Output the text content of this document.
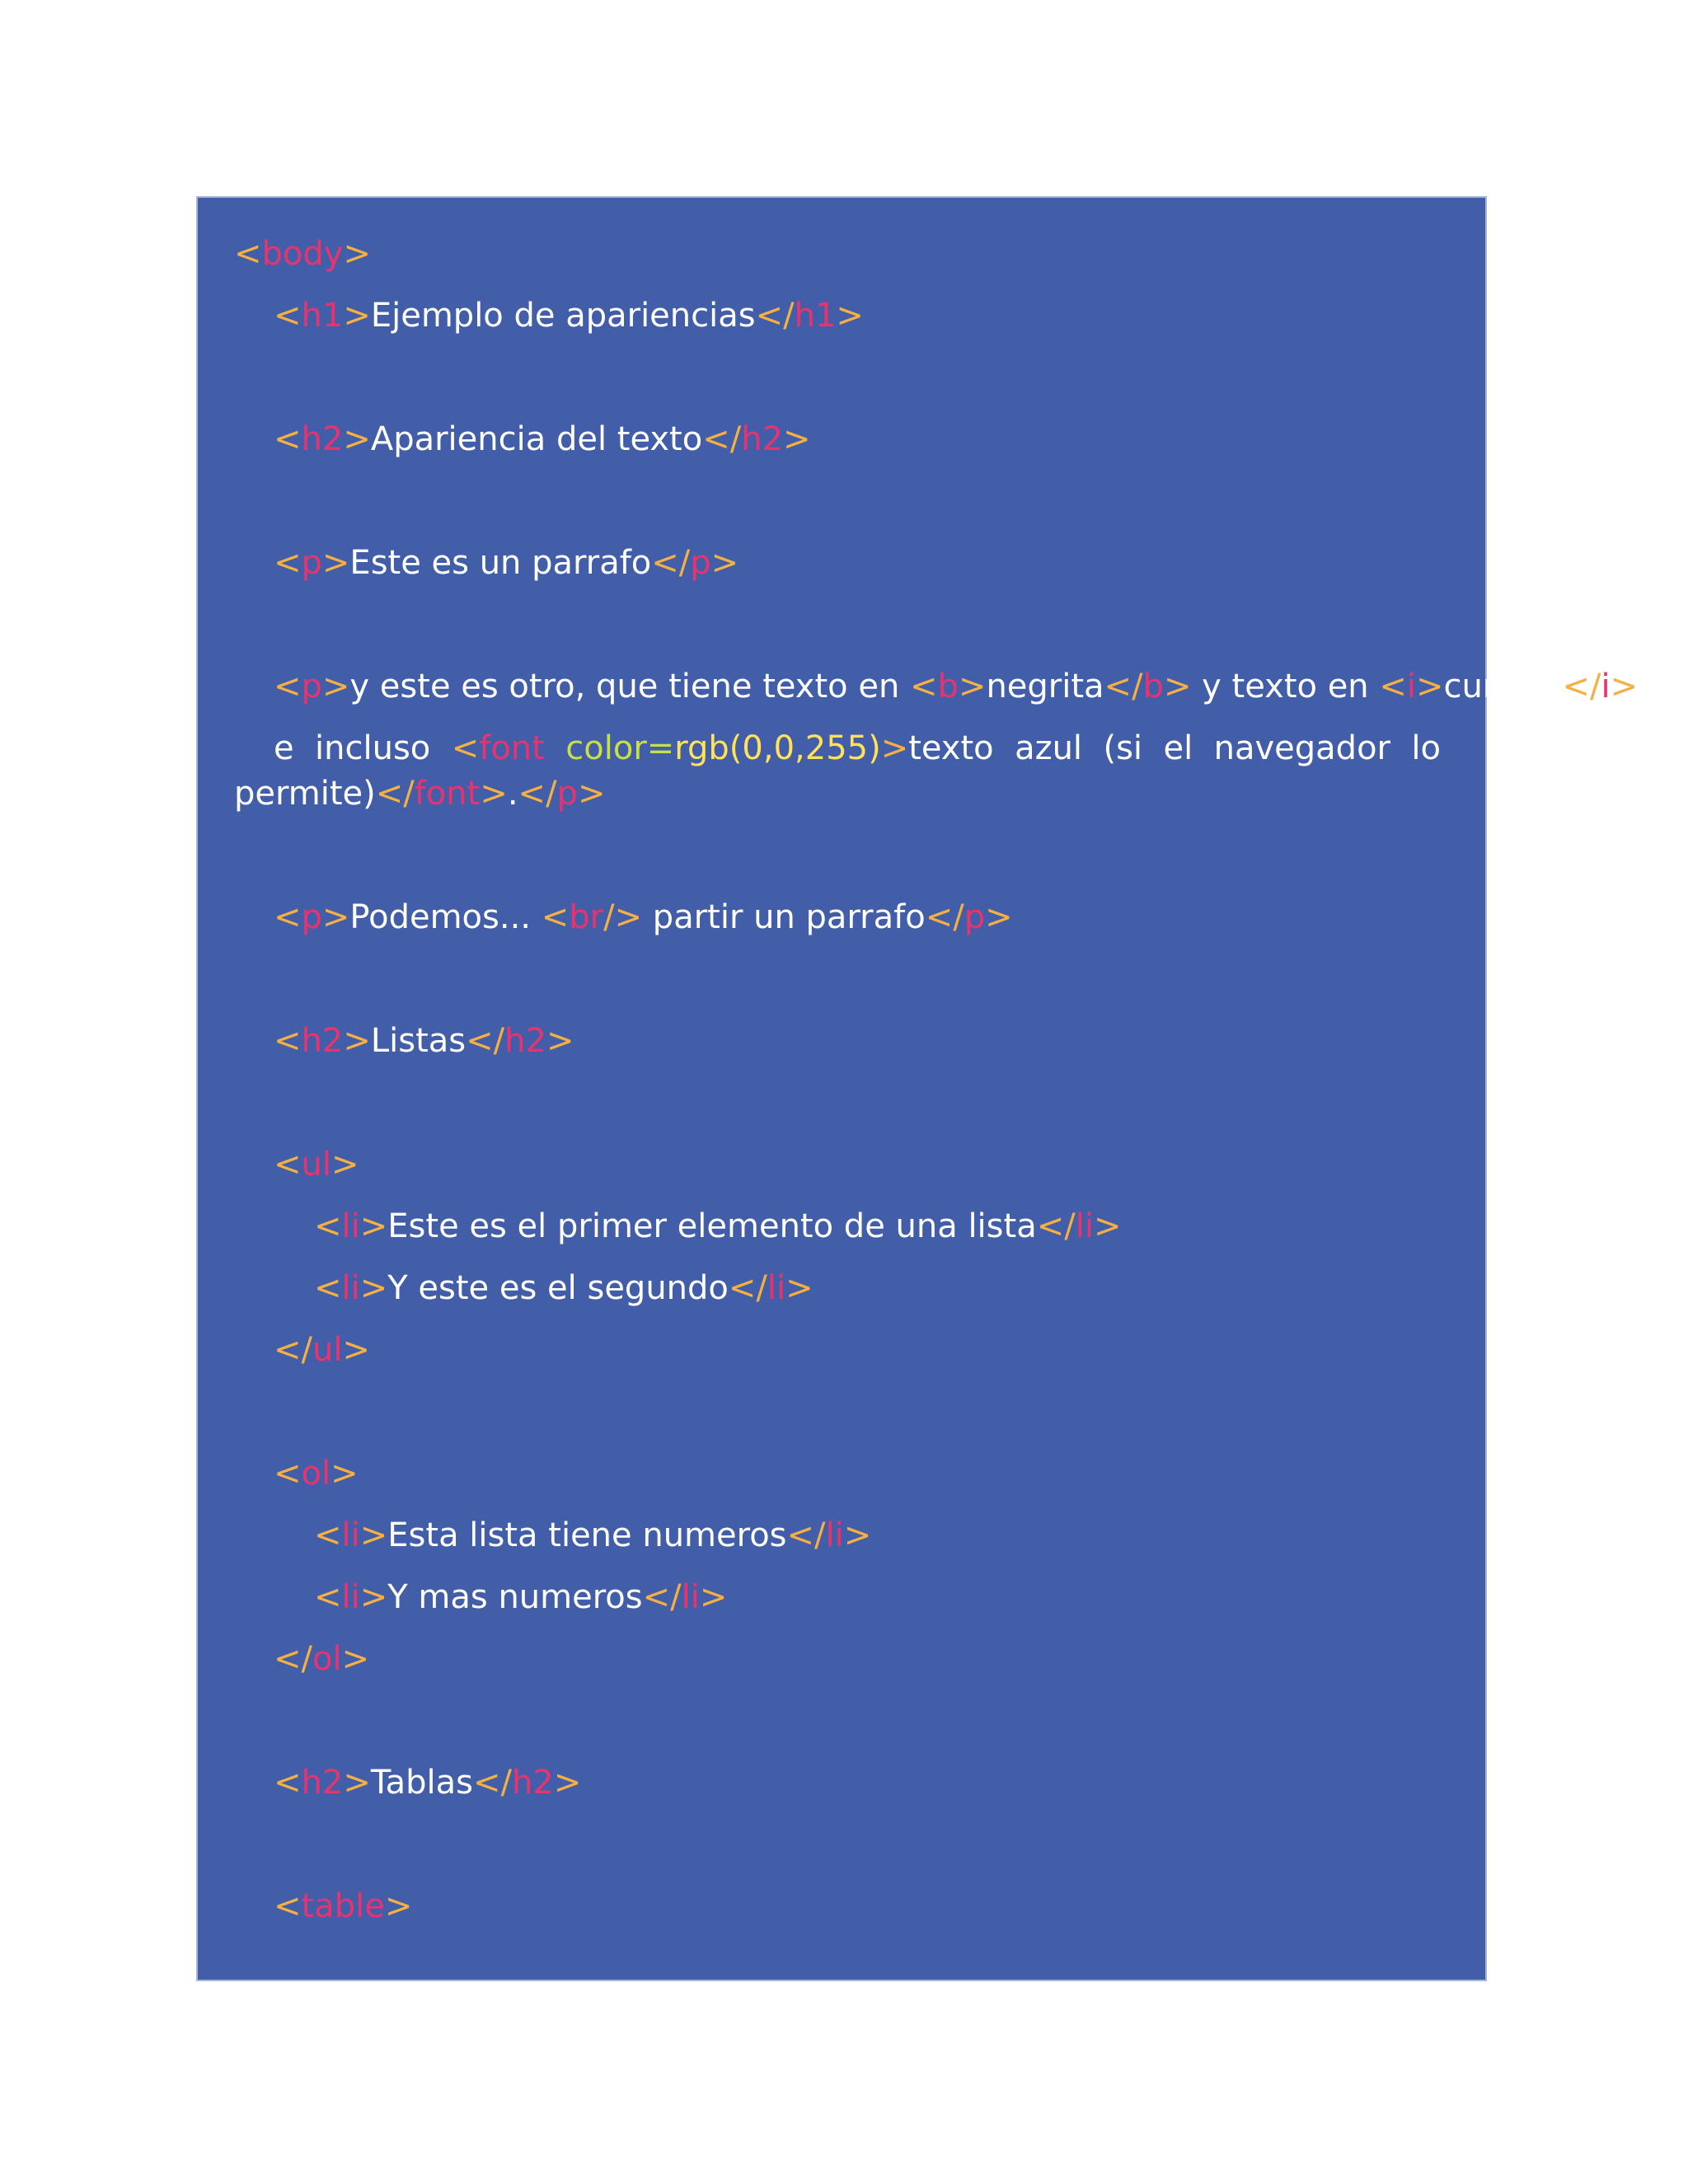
<body>
<h1>Ejemplo de apariencias</h1>
<h2>Apariencia del texto</h2>
<p>Este es un parrafo</p>
<p>y este es otro, que tiene texto en <b>negrita</b> y texto en <i>cursiva</i>,
e incluso <font color=rgb(0,0,255)>texto azul (si el navegador lo
permite)</font>.</p>
<p>Podemos... <br/> partir un parrafo</p>
<h2>Listas</h2>
<ul>
<li>Este es el primer elemento de una lista</li>
<li>Y este es el segundo</li>
</ul>
<ol>
<li>Esta lista tiene numeros</li>
<li>Y mas numeros</li>
</ol>
<h2>Tablas</h2>
<table>
